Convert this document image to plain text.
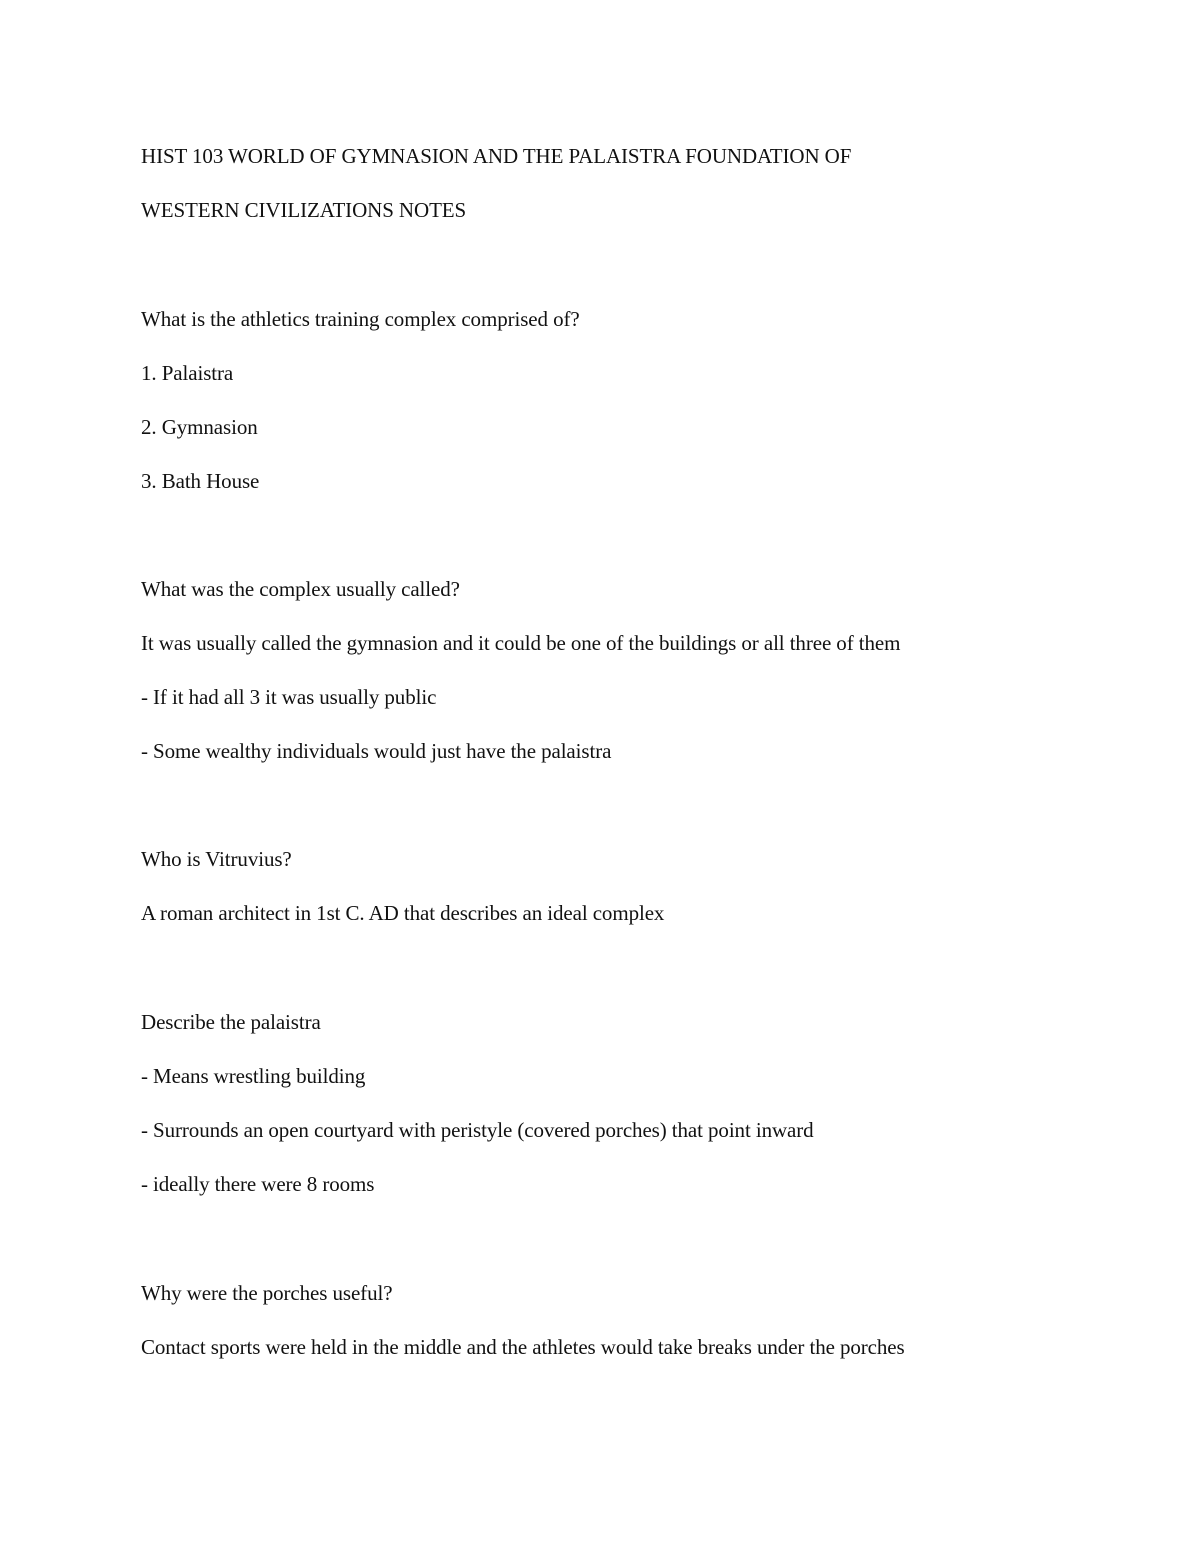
HIST 103 WORLD OF GYMNASION AND THE PALAISTRA FOUNDATION OF
WESTERN CIVILIZATIONS NOTES
What is the athletics training complex comprised of?
1. Palaistra
2. Gymnasion
3. Bath House
What was the complex usually called?
It was usually called the gymnasion and it could be one of the buildings or all three of them
- If it had all 3 it was usually public
- Some wealthy individuals would just have the palaistra
Who is Vitruvius?
A roman architect in 1st C. AD that describes an ideal complex
Describe the palaistra
- Means wrestling building
- Surrounds an open courtyard with peristyle (covered porches) that point inward
- ideally there were 8 rooms
Why were the porches useful?
Contact sports were held in the middle and the athletes would take breaks under the porches
